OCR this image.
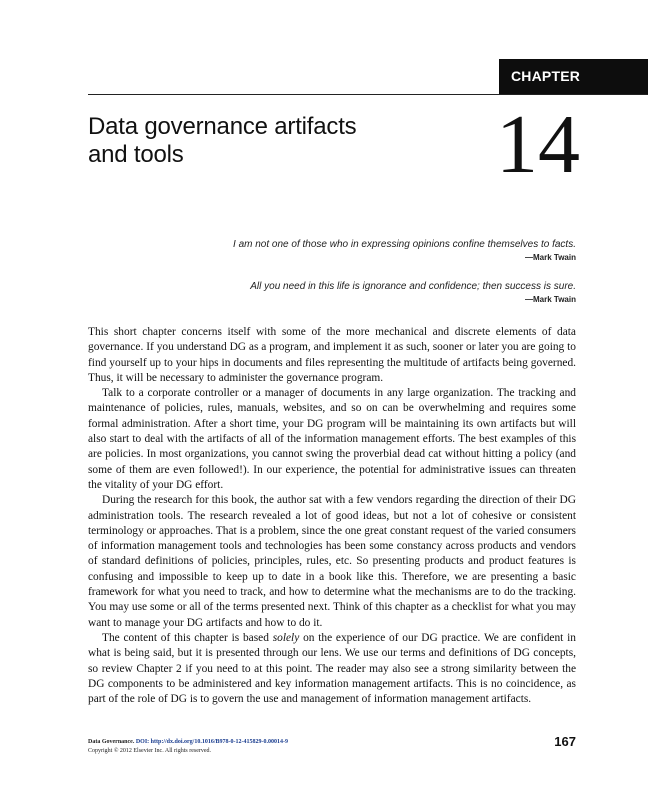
CHAPTER
Data governance artifacts
and tools	14
I am not one of those who in expressing opinions confine themselves to facts.
—Mark Twain
All you need in this life is ignorance and confidence; then success is sure.
—Mark Twain

This short chapter concerns itself with some of the more mechanical and discrete elements of data governance. If you understand DG as a program, and implement it as such, sooner or later you are going to find yourself up to your hips in documents and files representing the multitude of artifacts being governed. Thus, it will be necessary to administer the governance program.

Talk to a corporate controller or a manager of documents in any large organization. The tracking and maintenance of policies, rules, manuals, websites, and so on can be overwhelming and requires some formal administration. After a short time, your DG program will be maintaining its own artifacts but will also start to deal with the artifacts of all of the information management efforts. The best examples of this are policies. In most organizations, you cannot swing the proverbial dead cat without hitting a policy (and some of them are even followed!). In our experience, the potential for administrative issues can threaten the vitality of your DG effort.

During the research for this book, the author sat with a few vendors regarding the direction of their DG administration tools. The research revealed a lot of good ideas, but not a lot of cohesive or consistent terminology or approaches. That is a problem, since the one great constant request of the varied consumers of information management tools and technologies has been some constancy across products and vendors of standard definitions of policies, principles, rules, etc. So presenting products and product features is confusing and impossible to keep up to date in a book like this. Therefore, we are presenting a basic framework for what you need to track, and how to determine what the mechanisms are to do the tracking. You may use some or all of the terms presented next. Think of this chapter as a checklist for what you may want to manage your DG artifacts and how to do it.

The content of this chapter is based solely on the experience of our DG practice. We are confident in what is being said, but it is presented through our lens. We use our terms and definitions of DG concepts, so review Chapter 2 if you need to at this point. The reader may also see a strong similarity between the DG components to be administered and key information management artifacts. This is no coincidence, as part of the role of DG is to govern the use and management of information management artifacts.

Data Governance. DOI: http://dx.doi.org/10.1016/B978-0-12-415829-0.00014-9
Copyright © 2012 Elsevier Inc. All rights reserved.
167
